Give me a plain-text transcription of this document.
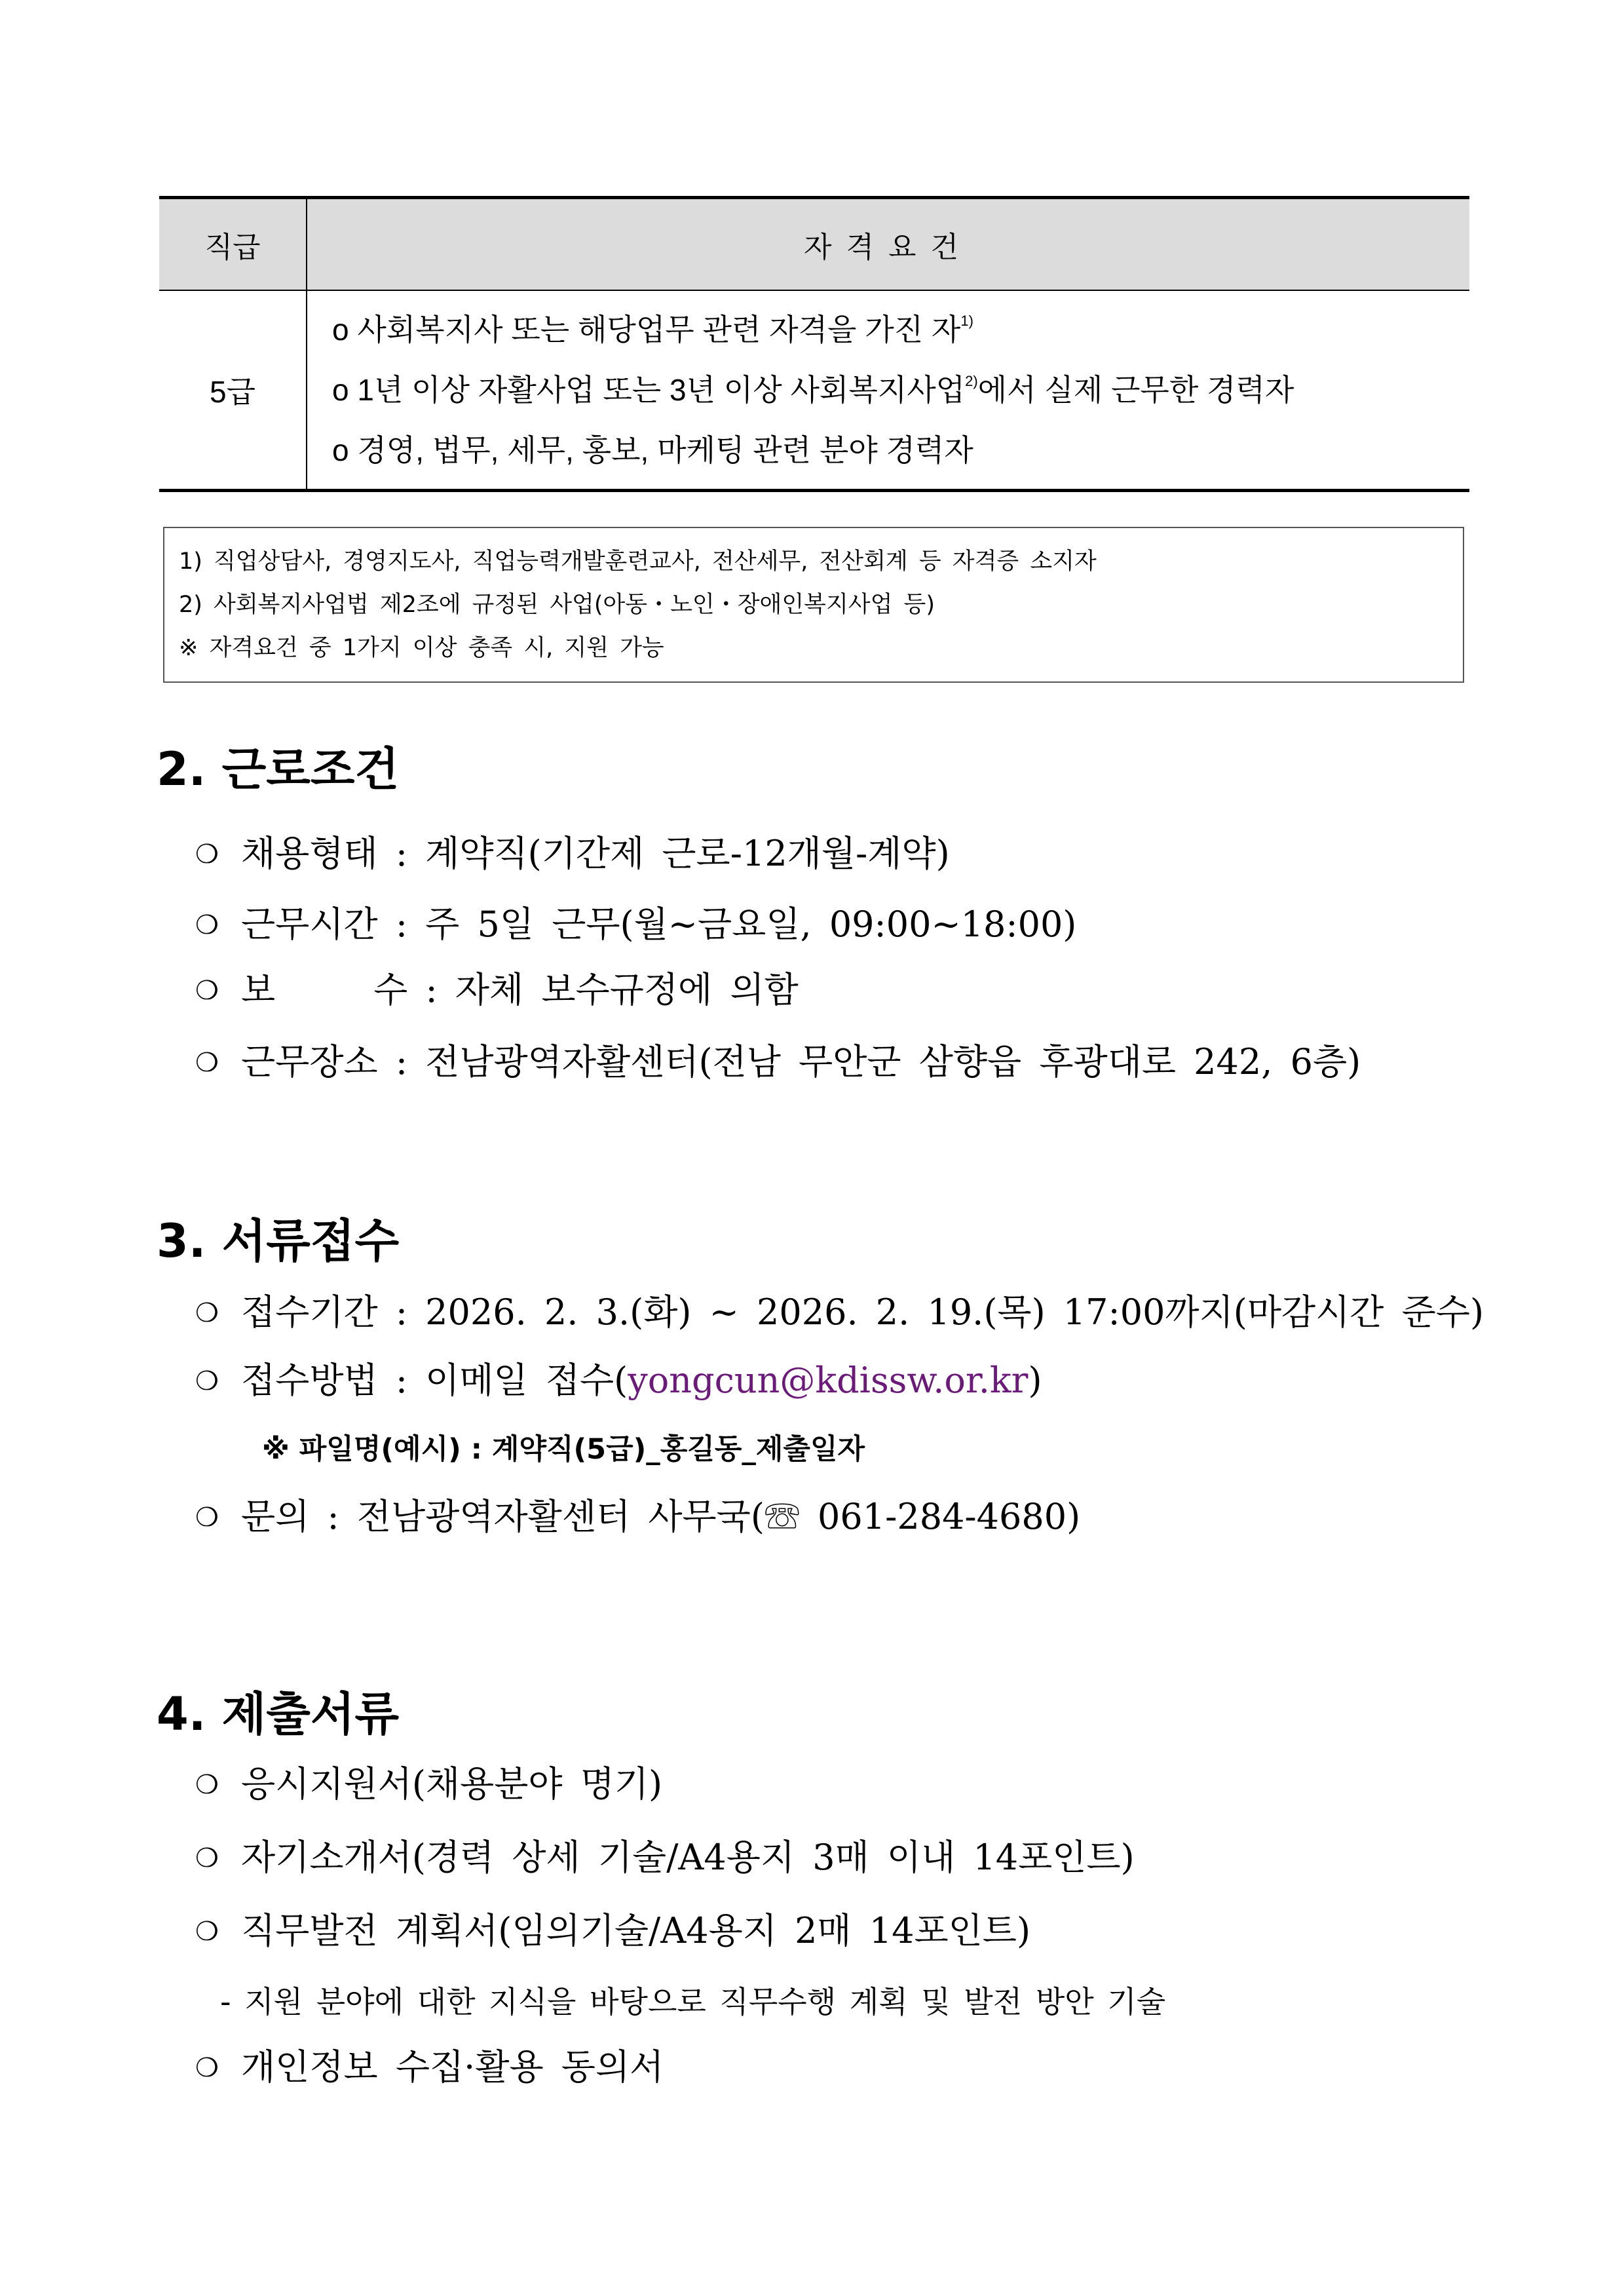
직급	자격요건
5급	o 사회복지사 또는 해당업무 관련 자격을 가진 자$^{1)}$
o 1년 이상 자활사업 또는 3년 이상 사회복지사업$^{2)}$에서 실제 근무한 경력자
o 경영, 법무, 세무, 홍보, 마케팅 관련 분야 경력자
1) 직업상담사, 경영지도사, 직업능력개발훈련교사, 전산세무, 전산회계 등 자격증 소지자
2) 사회복지사업법 제2조에 규정된 사업(아동・노인・장애인복지사업 등)
※ 자격요건 중 1가지 이상 충족 시, 지원 가능
2. 근로조건
❍ 채용형태 : 계약직(기간제 근로-12개월-계약)
❍ 근무시간 : 주 5일 근무(월~금요일, 09:00~18:00)
❍ 보	수 : 자체 보수규정에 의함
❍ 근무장소 : 전남광역자활센터(전남 무안군 삼향읍 후광대로 242, 6층)
3. 서류접수
❍ 접수기간 : 2026. 2. 3.(화) ~ 2026. 2. 19.(목) 17:00까지(마감시간 준수)
❍ 접수방법 : 이메일 접수(yongcun@kdissw.or.kr)
※ 파일명(예시) : 계약직(5급)_홍길동_제출일자
❍ 문의 : 전남광역자활센터 사무국(☏ 061-284-4680)
4. 제출서류
❍ 응시지원서(채용분야 명기)
❍ 자기소개서(경력 상세 기술/A4용지 3매 이내 14포인트)
❍ 직무발전 계획서(임의기술/A4용지 2매 14포인트)
- 지원 분야에 대한 지식을 바탕으로 직무수행 계획 및 발전 방안 기술
❍ 개인정보 수집·활용 동의서
